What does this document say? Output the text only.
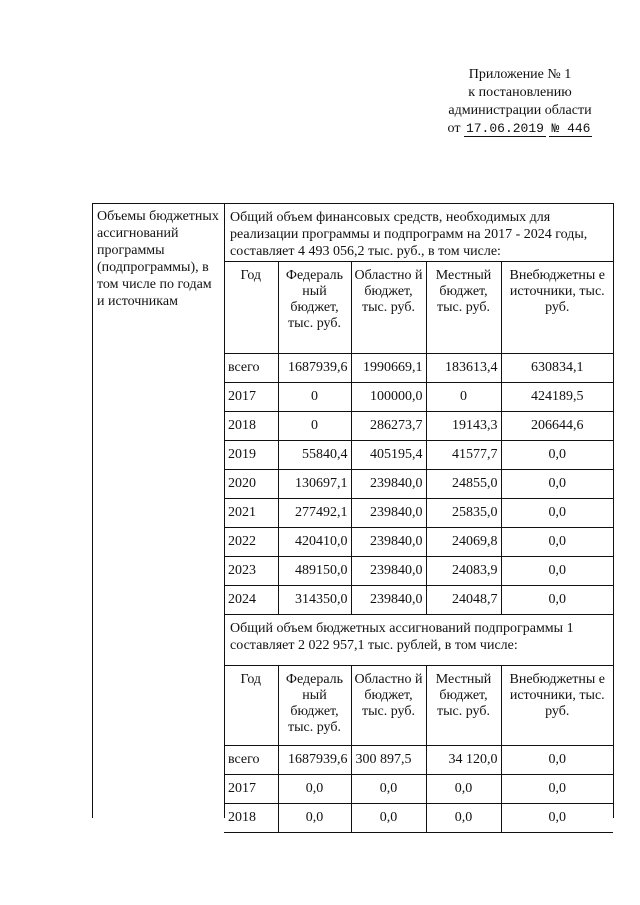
Приложение № 1
к постановлению
администрации области
от 17.06.2019 № 446
Объемы бюджетных ассигнований программы (подпрограммы), в том числе по годам и источникам
Общий объем финансовых средств, необходимых для реализации программы и подпрограмм на 2017 - 2024 годы, составляет 4 493 056,2 тыс. руб., в том числе:
Год	Федераль ный бюджет, тыс. руб.	Областно й бюджет, тыс. руб.	Местный бюджет, тыс. руб.	Внебюджетны е источники, тыс. руб.
всего	1687939,6	1990669,1	183613,4	630834,1
2017	0	100000,0	0	424189,5
2018	0	286273,7	19143,3	206644,6
2019	55840,4	405195,4	41577,7	0,0
2020	130697,1	239840,0	24855,0	0,0
2021	277492,1	239840,0	25835,0	0,0
2022	420410,0	239840,0	24069,8	0,0
2023	489150,0	239840,0	24083,9	0,0
2024	314350,0	239840,0	24048,7	0,0
Общий объем бюджетных ассигнований подпрограммы 1 составляет 2 022 957,1 тыс. рублей, в том числе:
Год	Федераль ный бюджет, тыс. руб.	Областно й бюджет, тыс. руб.	Местный бюджет, тыс. руб.	Внебюджетны е источники, тыс. руб.
всего	1687939,6	300 897,5	34 120,0	0,0
2017	0,0	0,0	0,0	0,0
2018	0,0	0,0	0,0	0,0
